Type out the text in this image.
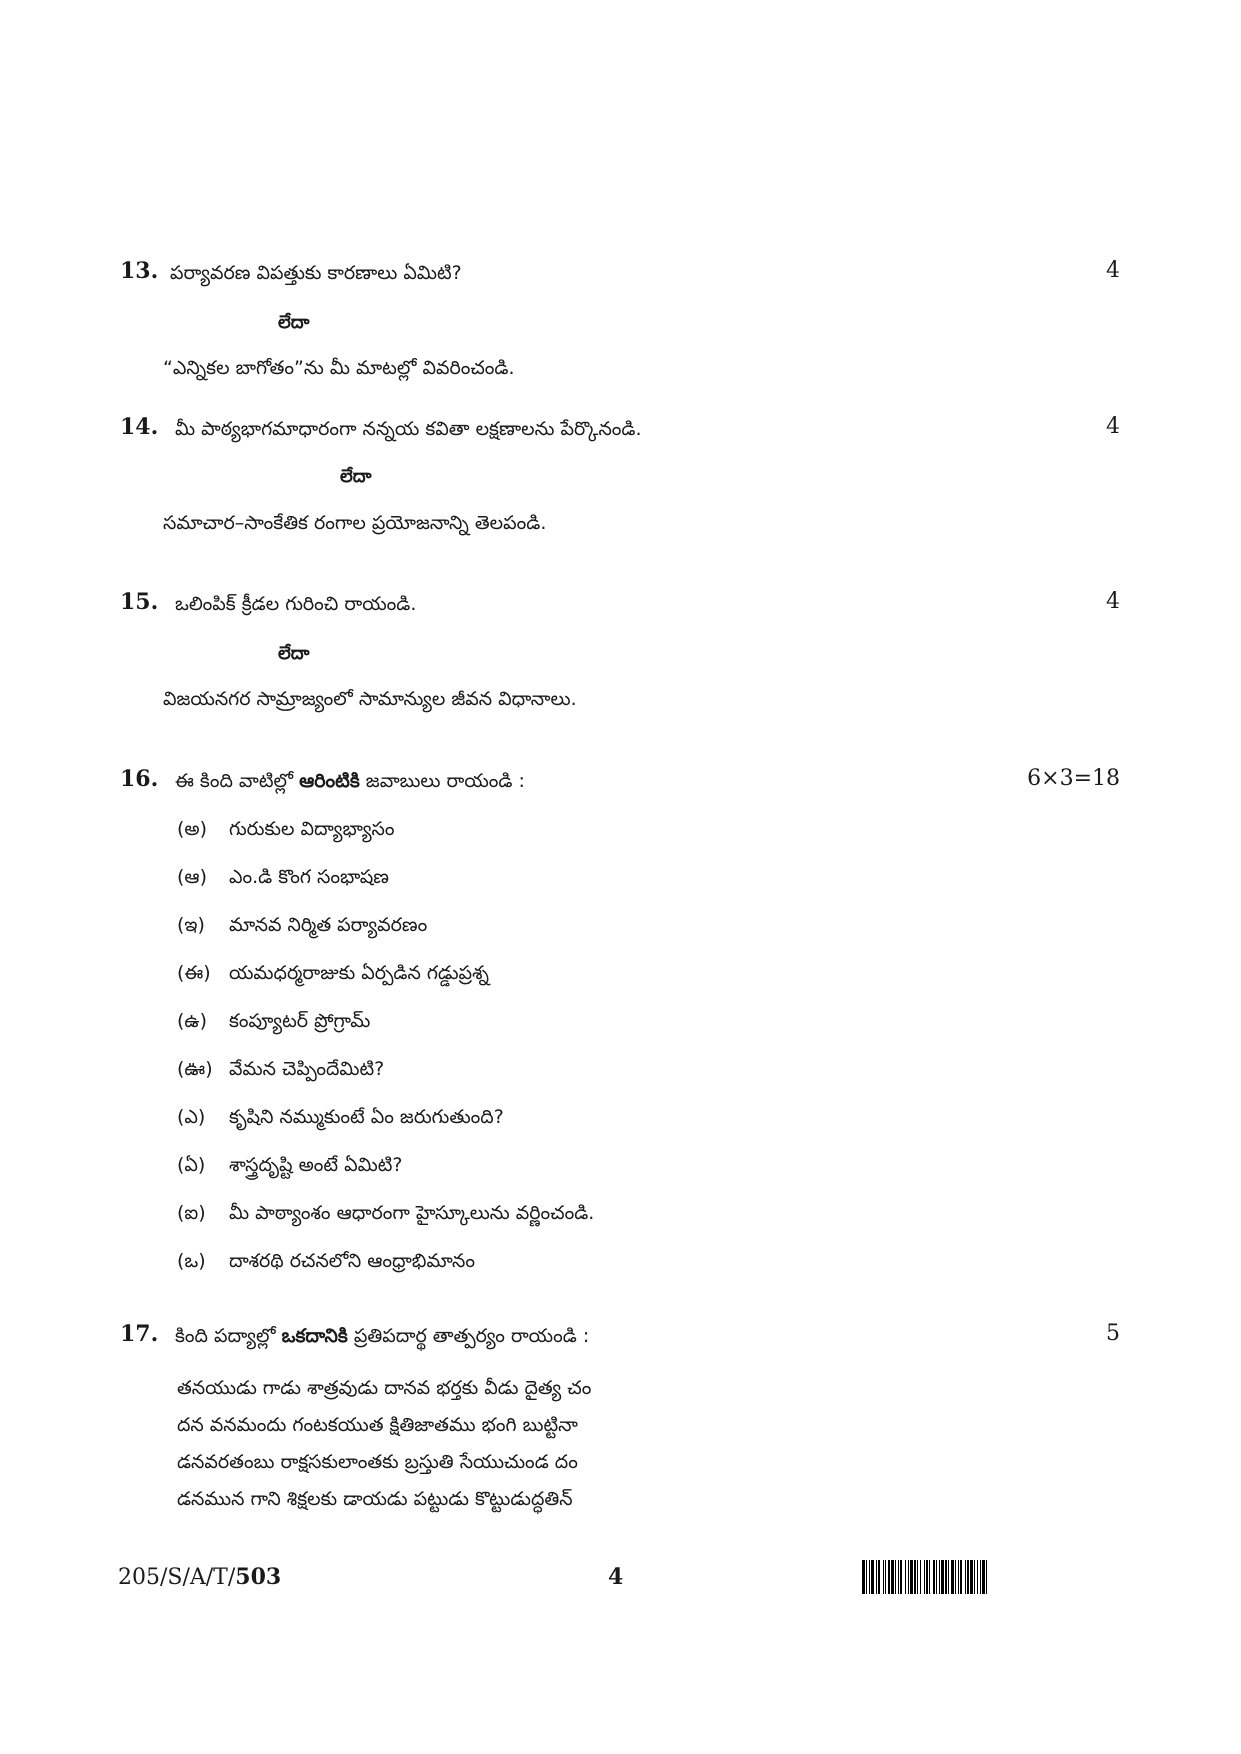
13. పర్యావరణ విపత్తుకు కారణాలు ఏమిటి?	4
లేదా
“ఎన్నికల బాగోతం”ను మీ మాటల్లో వివరించండి.
14. మీ పాఠ్యభాగమాధారంగా నన్నయ కవితా లక్షణాలను పేర్కొనండి.	4
లేదా
సమాచార–సాంకేతిక రంగాల ప్రయోజనాన్ని తెలపండి.
15. ఒలింపిక్ క్రీడల గురించి రాయండి.	4
లేదా
విజయనగర సామ్రాజ్యంలో సామాన్యుల జీవన విధానాలు.
16. ఈ కింది వాటిల్లో ఆరింటికి జవాబులు రాయండి :	6×3=18
(అ) గురుకుల విద్యాభ్యాసం
(ఆ) ఎం.డి కొంగ సంభాషణ
(ఇ) మానవ నిర్మిత పర్యావరణం
(ఈ) యమధర్మరాజుకు ఏర్పడిన గడ్డుప్రశ్న
(ఉ) కంప్యూటర్ ప్రోగ్రామ్
(ఊ) వేమన చెప్పిందేమిటి?
(ఎ) కృషిని నమ్ముకుంటే ఏం జరుగుతుంది?
(ఏ) శాస్త్రదృష్టి అంటే ఏమిటి?
(ఐ) మీ పాఠ్యాంశం ఆధారంగా హైస్కూలును వర్ణించండి.
(ఒ) దాశరథి రచనలోని ఆంధ్రాభిమానం
17. కింది పద్యాల్లో ఒకదానికి ప్రతిపదార్థ తాత్పర్యం రాయండి :	5
తనయుడు గాడు శాత్రవుడు దానవ భర్తకు వీడు దైత్య చం
దన వనమందు గంటకయుత క్షితిజాతము భంగి బుట్టినా
డనవరతంబు రాక్షసకులాంతకు బ్రస్తుతి సేయుచుండ దం
డనమున గాని శిక్షలకు డాయడు పట్టుడు కొట్టుడుద్ధతిన్
205/S/A/T/503	4
